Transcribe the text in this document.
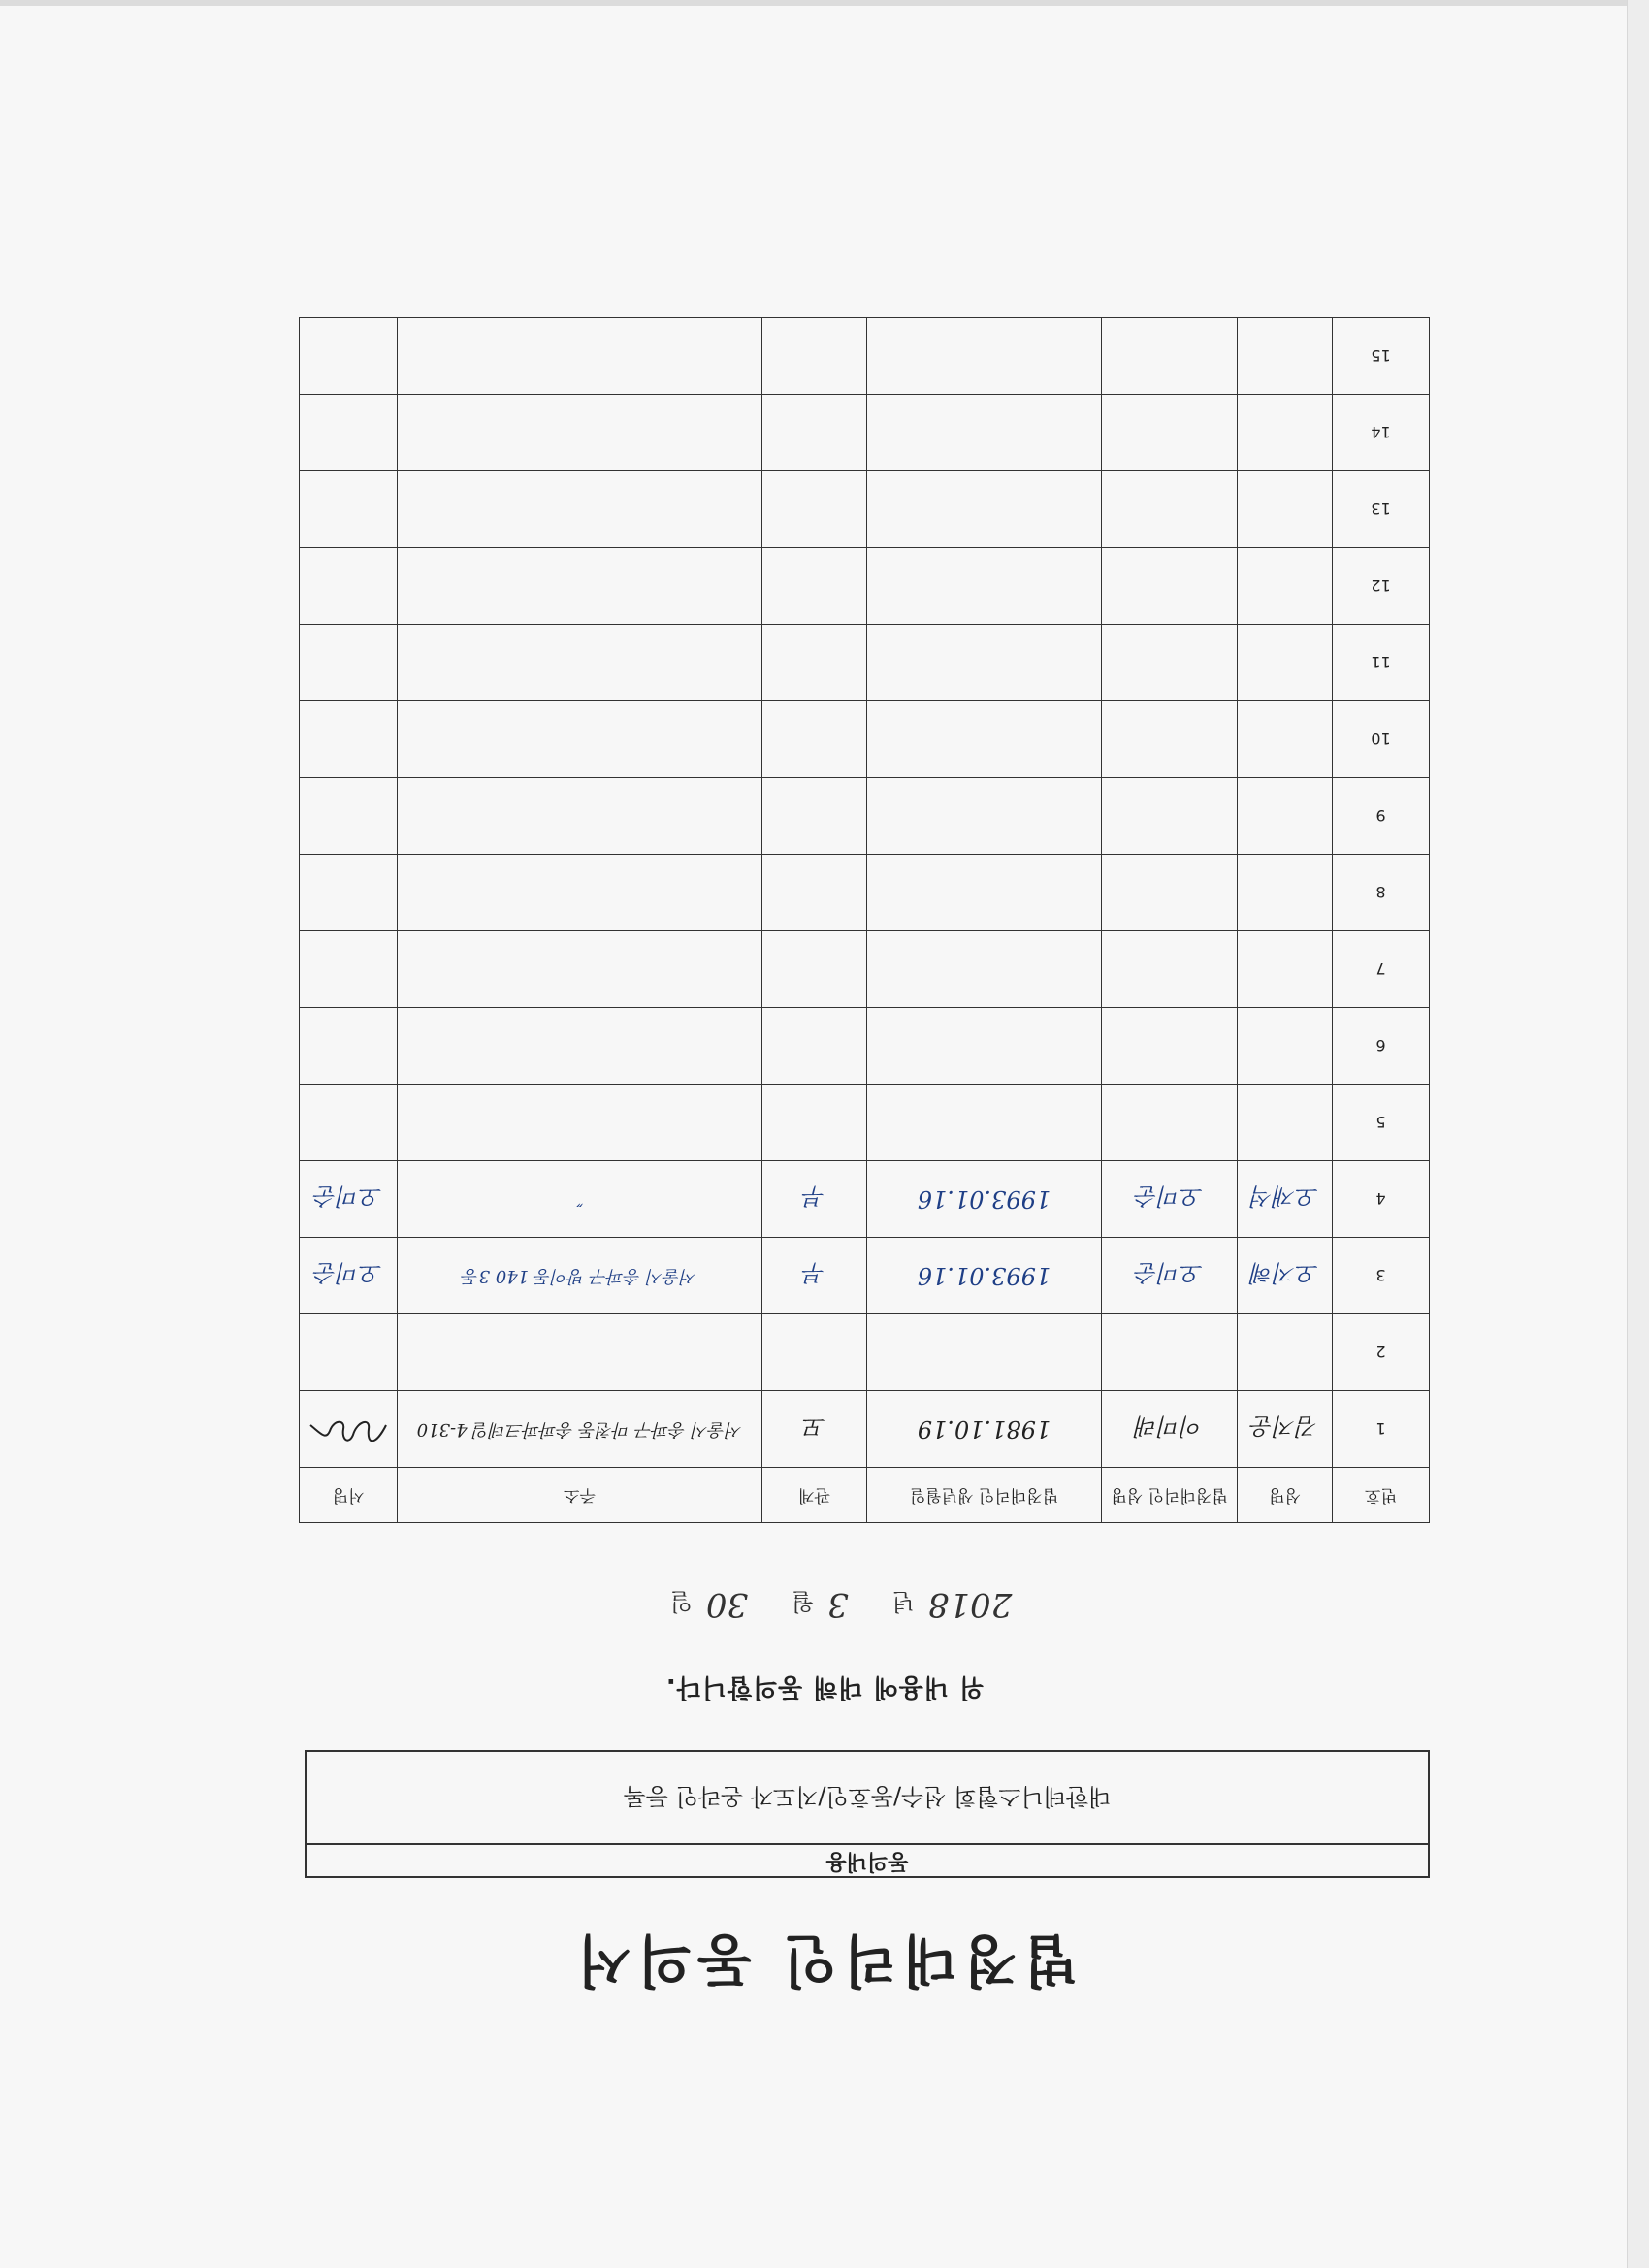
법정대리인 동의서
동의내용
대한테니스협회 선수/동호인/지도자 온라인 등록
위 내용에 대해 동의합니다.
2018년 3월 30일
번호	성명	법정대리인 성명	법정대리인 생년월일	관계	주소	서명
1	김지운	이미래	1981.10.19	모	서울시 송파구 마천동 송파파크데일 4-310	
2						
3	오지혜	오미순	1993.01.16	부	서울시 송파구 방이동 140 3동	오미순
4	오재석	오미순	1993.01.16	부	″	오미순
5						
6						
7						
8						
9						
10						
11						
12						
13						
14						
15						
